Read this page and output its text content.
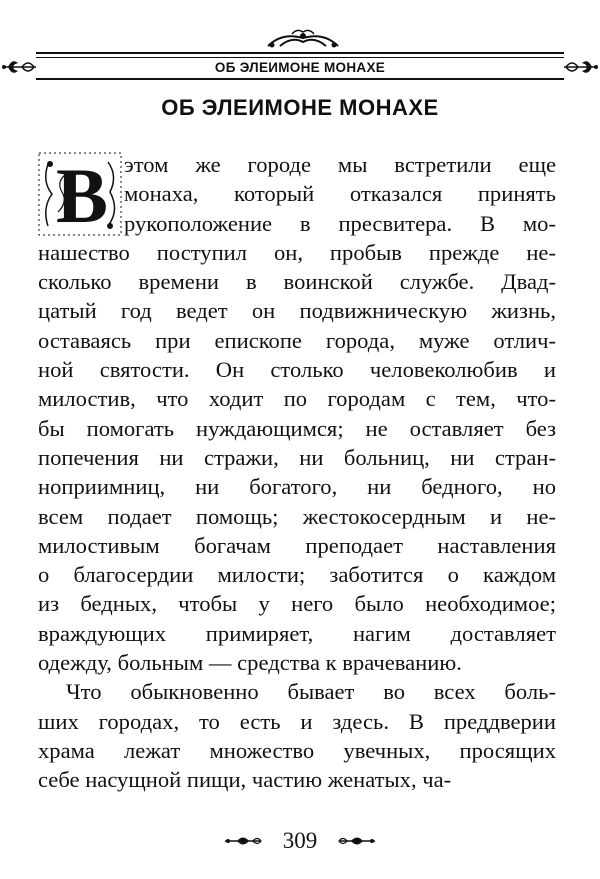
ОБ ЭЛЕИМОНЕ МОНАХЕ
ОБ ЭЛЕИМОНЕ МОНАХЕ
В этом же городе мы встретили еще
монаха, который отказался принять
рукоположение в пресвитера. В мо-
нашество поступил он, пробыв прежде не-
сколько времени в воинской службе. Двад-
цатый год ведет он подвижническую жизнь,
оставаясь при епископе города, муже отлич-
ной святости. Он столько человеколюбив и
милостив, что ходит по городам с тем, что-
бы помогать нуждающимся; не оставляет без
попечения ни стражи, ни больниц, ни стран-
ноприимниц, ни богатого, ни бедного, но
всем подает помощь; жестокосердным и не-
милостивым богачам преподает наставления
о благосердии милости; заботится о каждом
из бедных, чтобы у него было необходимое;
враждующих примиряет, нагим доставляет
одежду, больным — средства к врачеванию.
Что обыкновенно бывает во всех боль-
ших городах, то есть и здесь. В преддверии
храма лежат множество увечных, просящих
себе насущной пищи, частию женатых, ча-
309
